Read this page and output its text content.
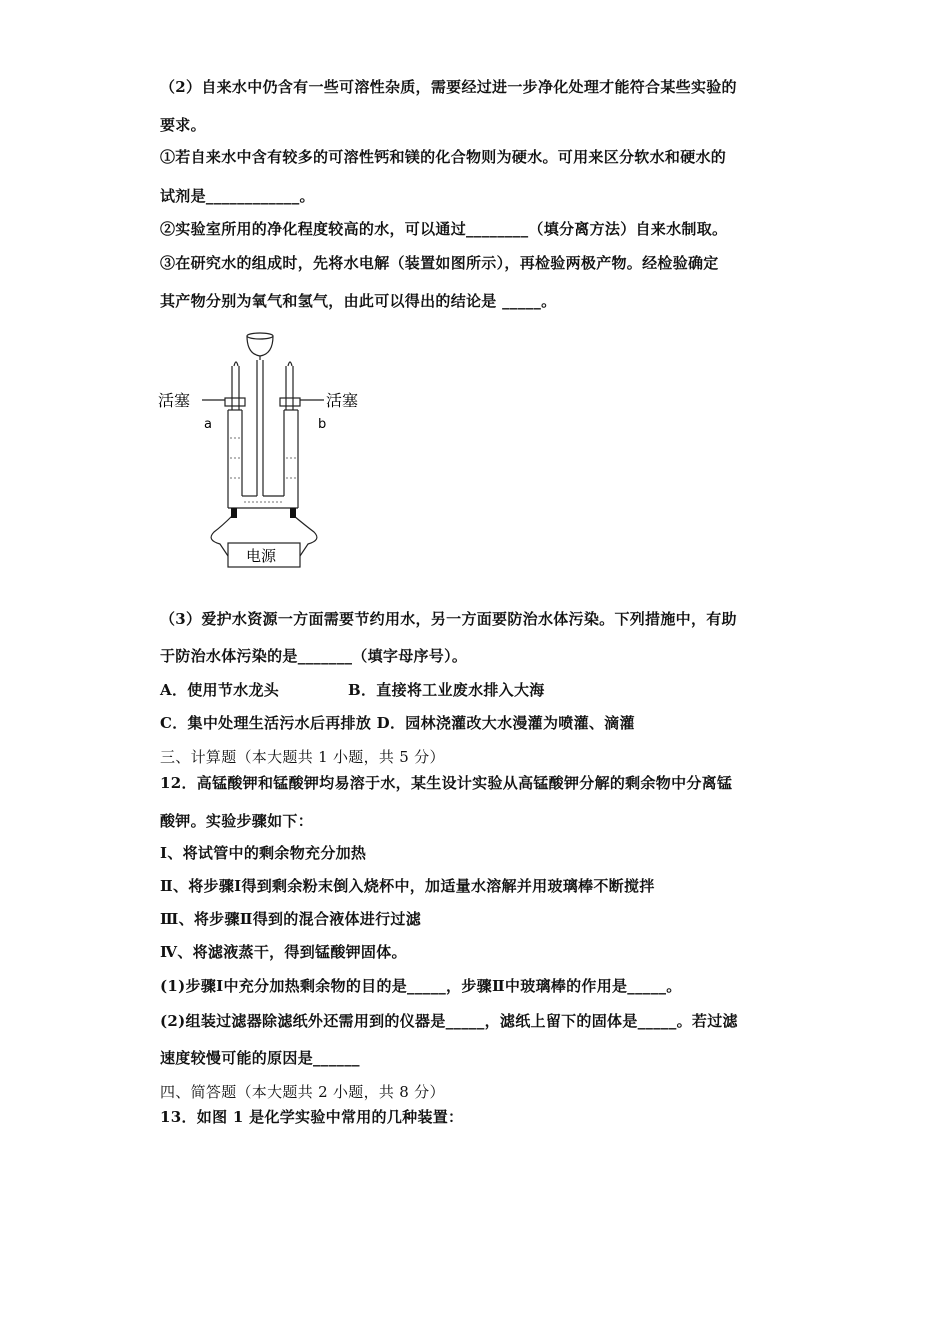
（2）自来水中仍含有一些可溶性杂质，需要经过进一步净化处理才能符合某些实验的
要求。
①若自来水中含有较多的可溶性钙和镁的化合物则为硬水。可用来区分软水和硬水的
试剂是____________。
②实验室所用的净化程度较高的水，可以通过________（填分离方法）自来水制取。
③在研究水的组成时，先将水电解（装置如图所示），再检验两极产物。经检验确定
其产物分别为氧气和氢气，由此可以得出的结论是 _____。
活塞	活塞
a	b
电源
（3）爱护水资源一方面需要节约用水，另一方面要防治水体污染。下列措施中，有助
于防治水体污染的是_______（填字母序号）。
A．使用节水龙头	B．直接将工业废水排入大海
C．集中处理生活污水后再排放 D．园林浇灌改大水漫灌为喷灌、滴灌
三、计算题（本大题共 1 小题，共 5 分）
12．高锰酸钾和锰酸钾均易溶于水，某生设计实验从高锰酸钾分解的剩余物中分离锰
酸钾。实验步骤如下：
Ⅰ、将试管中的剩余物充分加热
Ⅱ、将步骤Ⅰ得到剩余粉末倒入烧杯中，加适量水溶解并用玻璃棒不断搅拌
Ⅲ、将步骤Ⅱ得到的混合液体进行过滤
Ⅳ、将滤液蒸干，得到锰酸钾固体。
(1)步骤Ⅰ中充分加热剩余物的目的是_____，步骤Ⅱ中玻璃棒的作用是_____。
(2)组装过滤器除滤纸外还需用到的仪器是_____，滤纸上留下的固体是_____。若过滤
速度较慢可能的原因是______
四、简答题（本大题共 2 小题，共 8 分）
13．如图 1 是化学实验中常用的几种装置：
